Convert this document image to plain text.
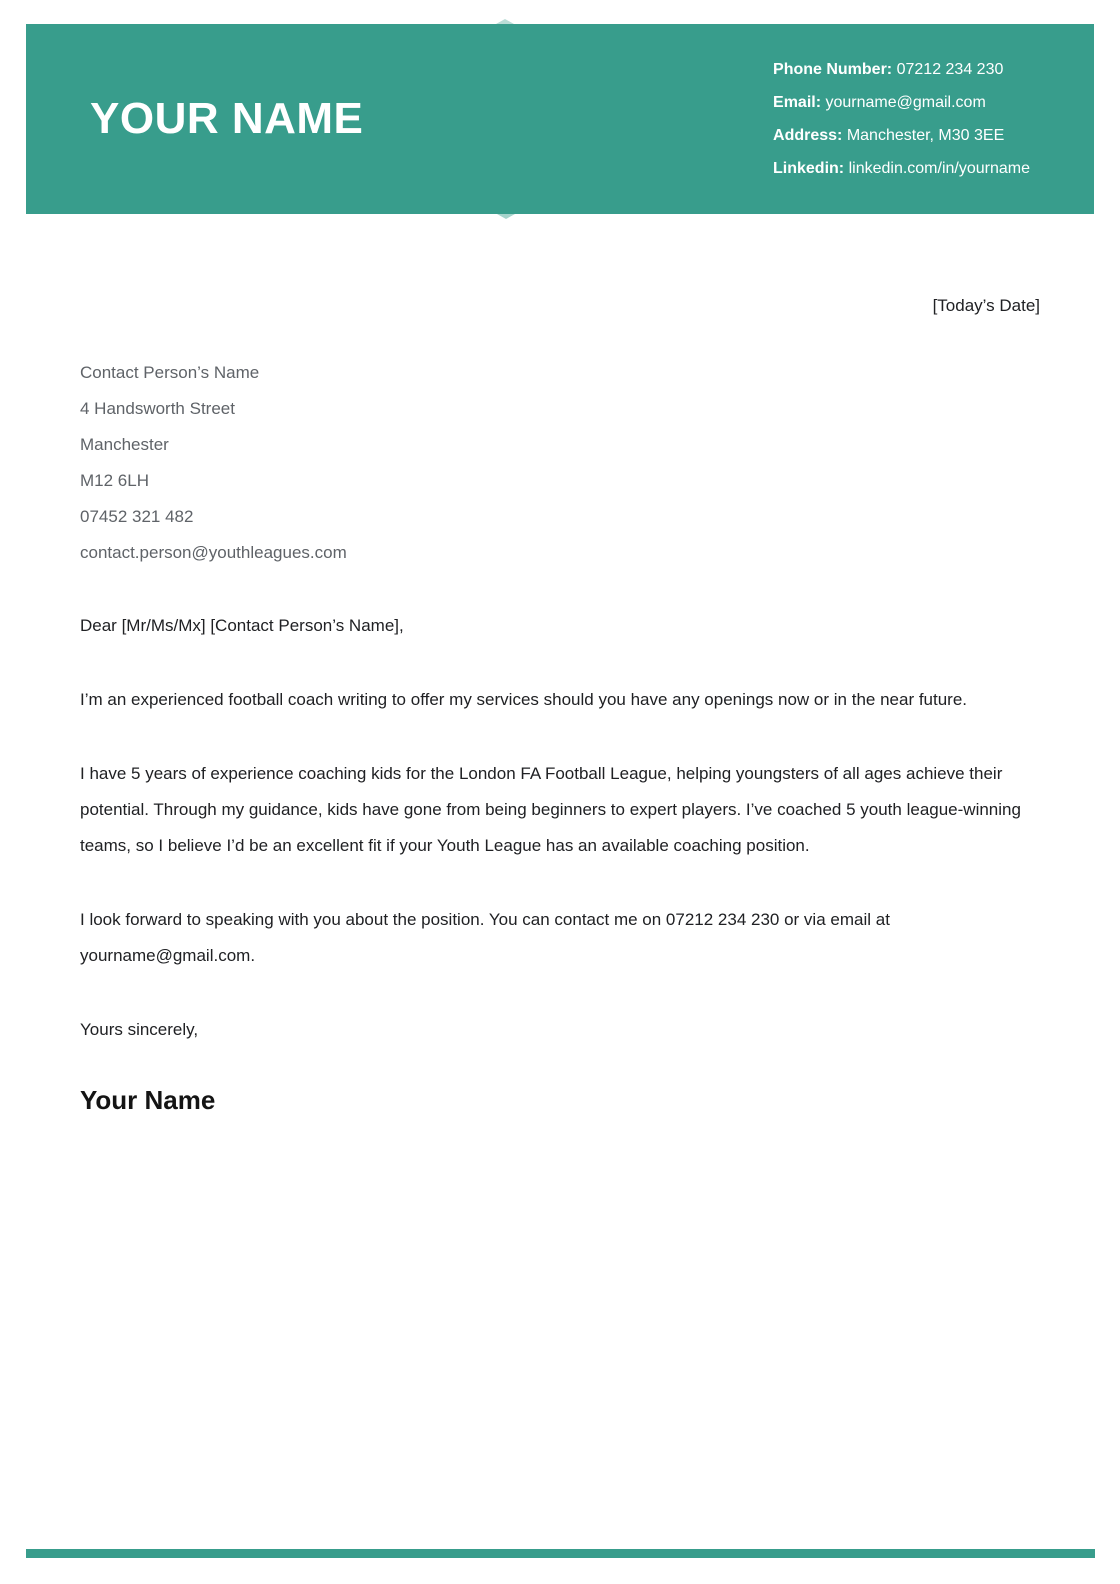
YOUR NAME
Phone Number: 07212 234 230
Email: yourname@gmail.com
Address: Manchester, M30 3EE
Linkedin: linkedin.com/in/yourname
[Today’s Date]
Contact Person’s Name
4 Handsworth Street
Manchester
M12 6LH
07452 321 482
contact.person@youthleagues.com
Dear [Mr/Ms/Mx] [Contact Person’s Name],

I’m an experienced football coach writing to offer my services should you have any openings now or in the near future.

I have 5 years of experience coaching kids for the London FA Football League, helping youngsters of all ages achieve their potential. Through my guidance, kids have gone from being beginners to expert players. I’ve coached 5 youth league-winning teams, so I believe I’d be an excellent fit if your Youth League has an available coaching position.

I look forward to speaking with you about the position. You can contact me on 07212 234 230 or via email at yourname@gmail.com.

Yours sincerely,
Your Name
